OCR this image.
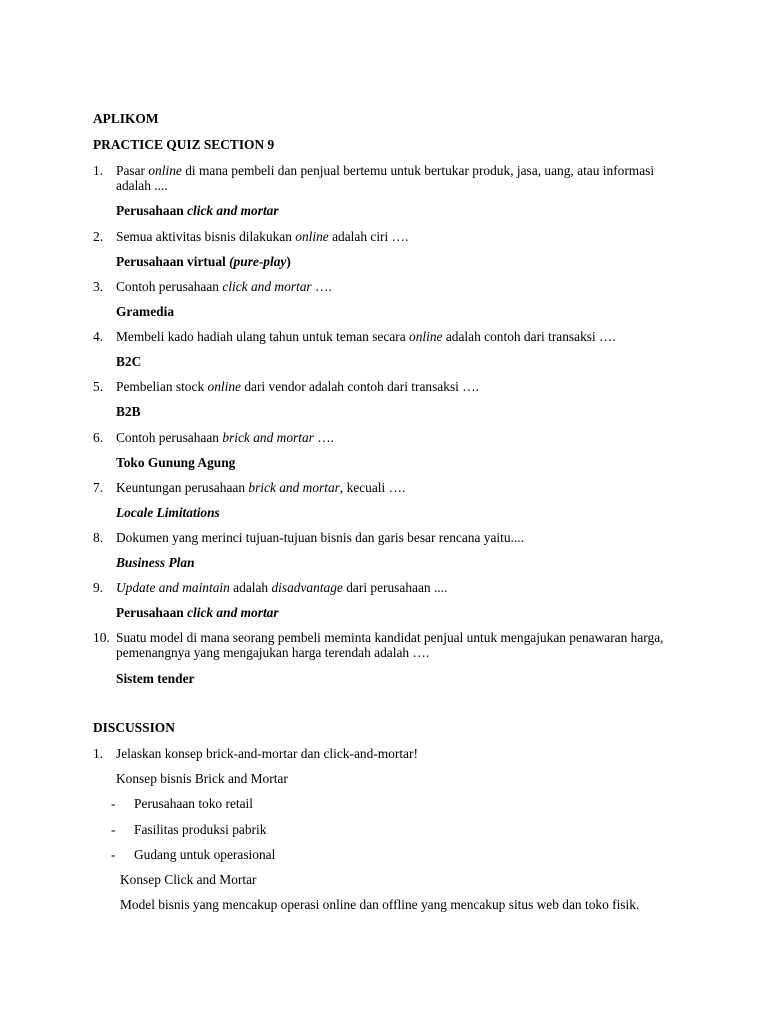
APLIKOM
PRACTICE QUIZ SECTION 9
1. Pasar online di mana pembeli dan penjual bertemu untuk bertukar produk, jasa, uang, atau informasi adalah ....
Perusahaan click and mortar
2. Semua aktivitas bisnis dilakukan online adalah ciri ….
Perusahaan virtual (pure-play)
3. Contoh perusahaan click and mortar ….
Gramedia
4. Membeli kado hadiah ulang tahun untuk teman secara online adalah contoh dari transaksi ….
B2C
5. Pembelian stock online dari vendor adalah contoh dari transaksi ….
B2B
6. Contoh perusahaan brick and mortar ….
Toko Gunung Agung
7. Keuntungan perusahaan brick and mortar, kecuali ….
Locale Limitations
8. Dokumen yang merinci tujuan-tujuan bisnis dan garis besar rencana yaitu....
Business Plan
9. Update and maintain adalah disadvantage dari perusahaan ....
Perusahaan click and mortar
10. Suatu model di mana seorang pembeli meminta kandidat penjual untuk mengajukan penawaran harga, pemenangnya yang mengajukan harga terendah adalah ….
Sistem tender
DISCUSSION
1. Jelaskan konsep brick-and-mortar dan click-and-mortar!
Konsep bisnis Brick and Mortar
- Perusahaan toko retail
- Fasilitas produksi pabrik
- Gudang untuk operasional
Konsep Click and Mortar
Model bisnis yang mencakup operasi online dan offline yang mencakup situs web dan toko fisik.
